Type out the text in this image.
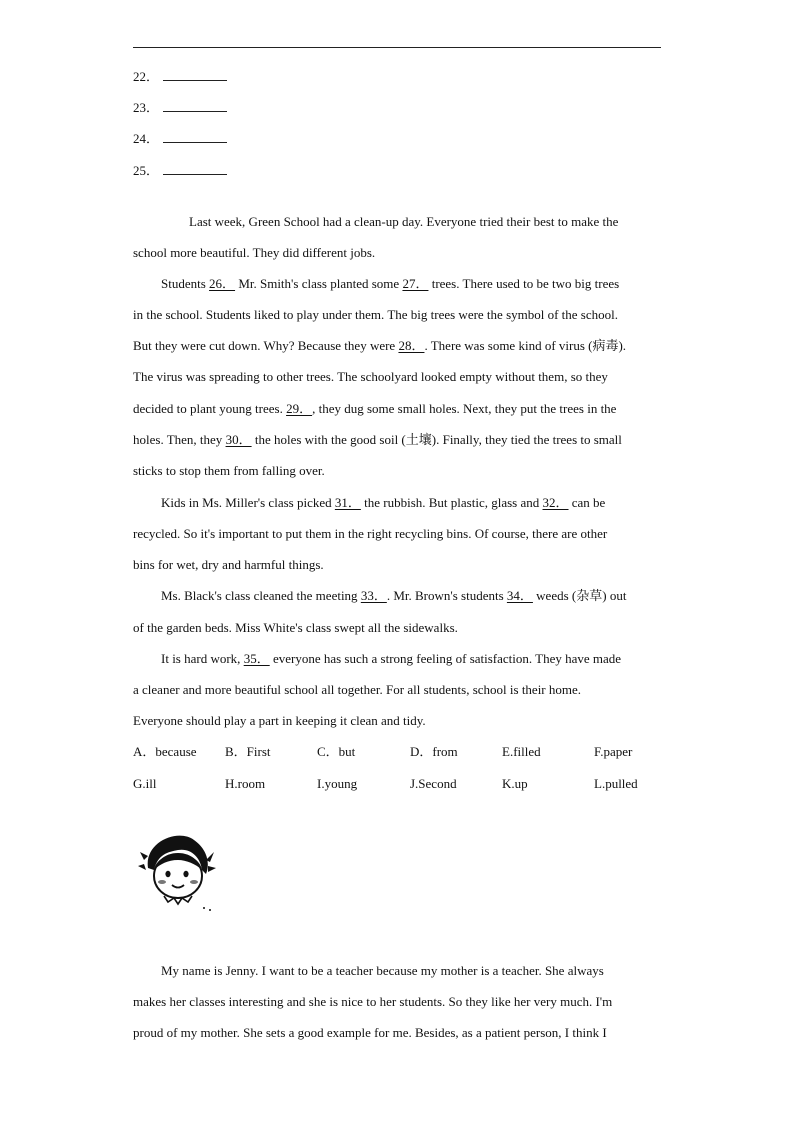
22．
23．
24．
25．
Last week, Green School had a clean-up day. Everyone tried their best to make the
school more beautiful. They did different jobs.
Students 26． Mr. Smith's class planted some 27． trees. There used to be two big trees
in the school. Students liked to play under them. The big trees were the symbol of the school.
But they were cut down. Why? Because they were 28．. There was some kind of virus (病毒).
The virus was spreading to other trees. The schoolyard looked empty without them, so they
decided to plant young trees. 29．, they dug some small holes. Next, they put the trees in the
holes. Then, they 30． the holes with the good soil (土壤). Finally, they tied the trees to small
sticks to stop them from falling over.
Kids in Ms. Miller's class picked 31． the rubbish. But plastic, glass and 32． can be
recycled. So it's important to put them in the right recycling bins. Of course, there are other
bins for wet, dry and harmful things.
Ms. Black's class cleaned the meeting 33．. Mr. Brown's students 34． weeds (杂草) out
of the garden beds. Miss White's class swept all the sidewalks.
It is hard work, 35． everyone has such a strong feeling of satisfaction. They have made
a cleaner and more beautiful school all together. For all students, school is their home.
Everyone should play a part in keeping it clean and tidy.
A．because B．First	C．but	D．from	E.filled	F.paper
G.ill	H.room	I.young	J.Second	K.up	L.pulled
My name is Jenny. I want to be a teacher because my mother is a teacher. She always
makes her classes interesting and she is nice to her students. So they like her very much. I'm
proud of my mother. She sets a good example for me. Besides, as a patient person, I think I
